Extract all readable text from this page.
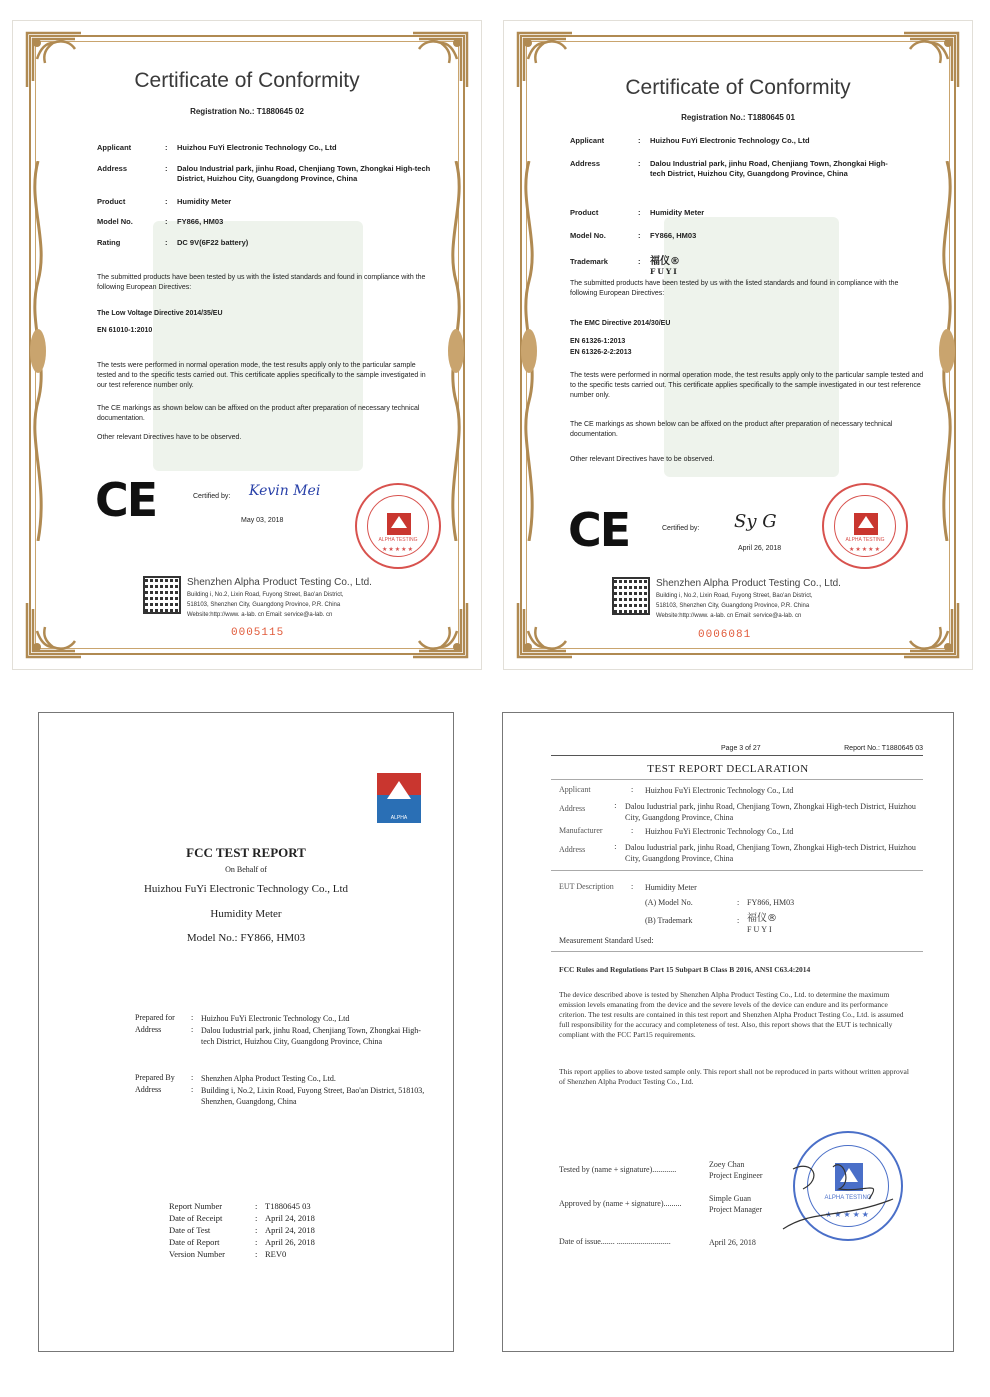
Certificate of Conformity
Registration No.: T1880645 02
Applicant	:	Huizhou FuYi Electronic Technology Co., Ltd
Address	:	Dalou Industrial park, jinhu Road, Chenjiang Town, Zhongkai High-tech District, Huizhou City, Guangdong Province, China
Product	:	Humidity Meter
Model No.	:	FY866, HM03
Rating	:	DC 9V(6F22 battery)
The submitted products have been tested by us with the listed standards and found in compliance with the following European Directives:
The Low Voltage Directive 2014/35/EU
EN 61010-1:2010
The tests were performed in normal operation mode, the test results apply only to the particular sample tested and to the specific tests carried out. This certificate applies specifically to the sample investigated in our test reference number only.
The CE markings as shown below can be affixed on the product after preparation of necessary technical documentation.
Other relevant Directives have to be observed.
CE	Certified by: Kevin Mei
May 03, 2018
ALPHA TESTING
★★★★★
Shenzhen Alpha Product Testing Co., Ltd.
Building i, No.2, Lixin Road, Fuyong Street, Bao'an District,
518103, Shenzhen City, Guangdong Province, P.R. China
Website:http://www. a-lab. cn Email: service@a-lab. cn
0005115
Certificate of Conformity
Registration No.: T1880645 01
Applicant	:	Huizhou FuYi Electronic Technology Co., Ltd
Address	:	Dalou Industrial park, jinhu Road, Chenjiang Town, Zhongkai High-tech District, Huizhou City, Guangdong Province, China
Product	:	Humidity Meter
Model No.	:	FY866, HM03
Trademark	: 福仪®
FUYI
The submitted products have been tested by us with the listed standards and found in compliance with the following European Directives:
The EMC Directive 2014/30/EU
EN 61326-1:2013
EN 61326-2-2:2013
The tests were performed in normal operation mode, the test results apply only to the particular sample tested and to the specific tests carried out. This certificate applies specifically to the sample investigated in our test reference number only.
The CE markings as shown below can be affixed on the product after preparation of necessary technical documentation.
Other relevant Directives have to be observed.
CE	Certified by: Sy G
April 26, 2018
ALPHA TESTING
★★★★★
Shenzhen Alpha Product Testing Co., Ltd.
Building i, No.2, Lixin Road, Fuyong Street, Bao'an District,
518103, Shenzhen City, Guangdong Province, P.R. China
Website:http://www. a-lab. cn Email: service@a-lab. cn
0006081
ALPHA
FCC TEST REPORT
On Behalf of
Huizhou FuYi Electronic Technology Co., Ltd
Humidity Meter
Model No.: FY866, HM03
Prepared for	: Huizhou FuYi Electronic Technology Co., Ltd
Address	: Dalou Iudustrial park, jinhu Road, Chenjiang Town, Zhongkai High-tech District, Huizhou City, Guangdong Province, China
Prepared By	: Shenzhen Alpha Product Testing Co., Ltd.
Address	: Building i, No.2, Lixin Road, Fuyong Street, Bao'an District, 518103, Shenzhen, Guangdong, China
Report Number	: T1880645 03
Date of Receipt	: April 24, 2018
Date of Test	: April 24, 2018
Date of Report	: April 26, 2018
Version Number	: REV0
Page 3 of 27	Report No.: T1880645 03
TEST REPORT DECLARATION
Applicant	:	Huizhou FuYi Electronic Technology Co., Ltd
Address	:	Dalou Iudustrial park, jinhu Road, Chenjiang Town, Zhongkai High-tech District, Huizhou City, Guangdong Province, China
Manufacturer	:	Huizhou FuYi Electronic Technology Co., Ltd
Address	:	Dalou Iudustrial park, jinhu Road, Chenjiang Town, Zhongkai High-tech District, Huizhou City, Guangdong Province, China
EUT Description	:	Humidity Meter
(A) Model No.	: FY866, HM03
(B) Trademark	: 福仪®
FUYI
Measurement Standard Used:
FCC Rules and Regulations Part 15 Subpart B Class B 2016, ANSI C63.4:2014
The device described above is tested by Shenzhen Alpha Product Testing Co., Ltd. to determine the maximum emission levels emanating from the device and the severe levels of the device can endure and its performance criterion. The test results are contained in this test report and Shenzhen Alpha Product Testing Co., Ltd. is assumed full responsibility for the accuracy and completeness of test. Also, this report shows that the EUT is technically compliant with the FCC Part15 requirements.
This report applies to above tested sample only. This report shall not be reproduced in parts without written approval of Shenzhen Alpha Product Testing Co., Ltd.
Tested by (name + signature)............
Zoey Chan
Project Engineer
Approved by (name + signature).........
Simple Guan
Project Manager
Date of issue....... ...........................	April 26, 2018
ALPHA TESTING
★★★★★
